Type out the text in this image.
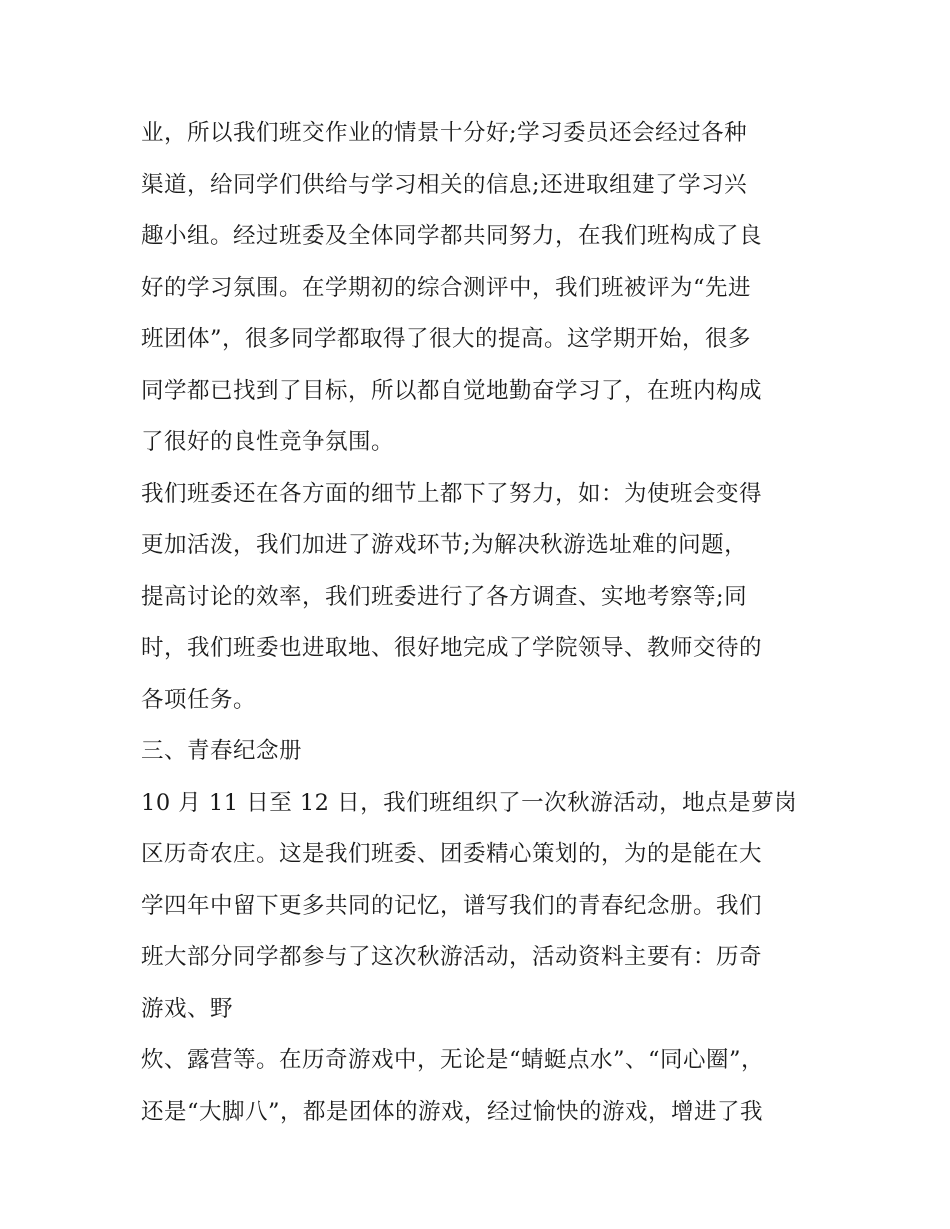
业，所以我们班交作业的情景十分好;学习委员还会经过各种
渠道，给同学们供给与学习相关的信息;还进取组建了学习兴
趣小组。经过班委及全体同学都共同努力，在我们班构成了良
好的学习氛围。在学期初的综合测评中，我们班被评为“先进
班团体”，很多同学都取得了很大的提高。这学期开始，很多
同学都已找到了目标，所以都自觉地勤奋学习了，在班内构成
了很好的良性竞争氛围。
我们班委还在各方面的细节上都下了努力，如：为使班会变得
更加活泼，我们加进了游戏环节;为解决秋游选址难的问题，
提高讨论的效率，我们班委进行了各方调查、实地考察等;同
时，我们班委也进取地、很好地完成了学院领导、教师交待的
各项任务。
三、青春纪念册
10 月 11 日至 12 日，我们班组织了一次秋游活动，地点是萝岗
区历奇农庄。这是我们班委、团委精心策划的，为的是能在大
学四年中留下更多共同的记忆，谱写我们的青春纪念册。我们
班大部分同学都参与了这次秋游活动，活动资料主要有：历奇
游戏、野
炊、露营等。在历奇游戏中，无论是“蜻蜓点水”、“同心圈”，
还是“大脚八”，都是团体的游戏，经过愉快的游戏，增进了我
